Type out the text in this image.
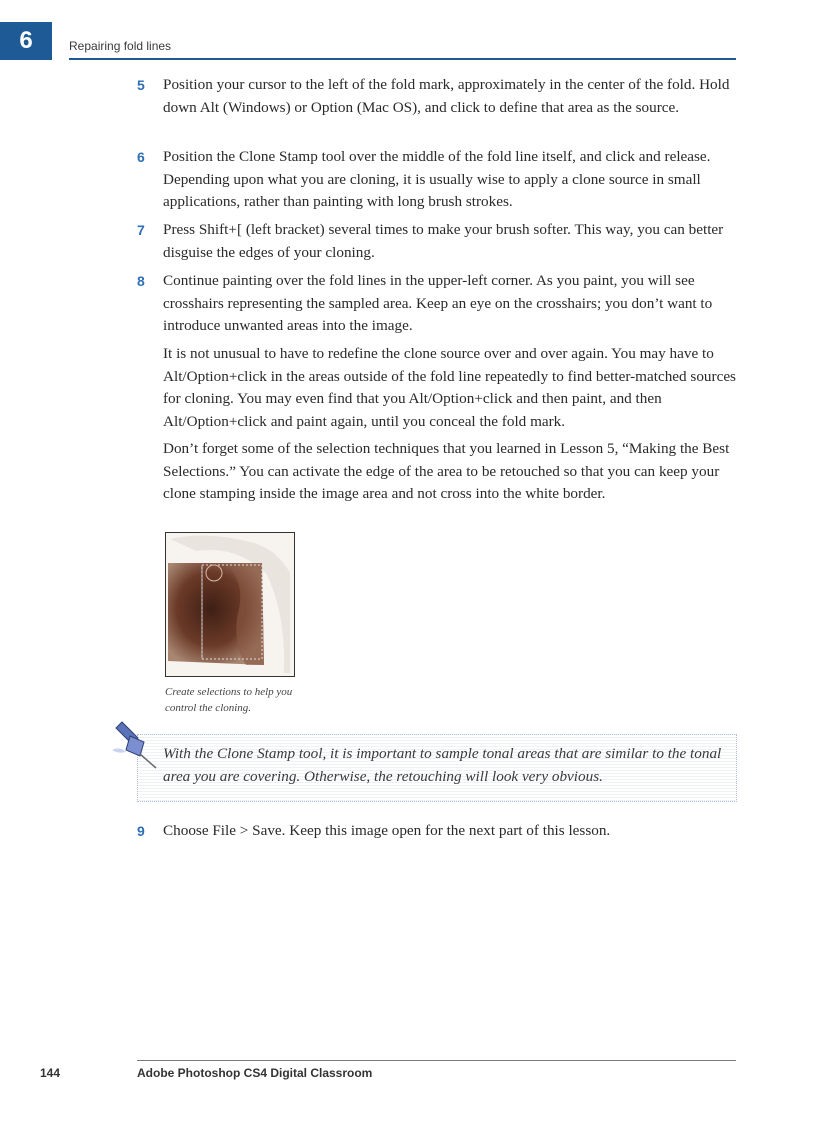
6	Repairing fold lines
5	Position your cursor to the left of the fold mark, approximately in the center of the fold. Hold down Alt (Windows) or Option (Mac OS), and click to define that area as the source.
6	Position the Clone Stamp tool over the middle of the fold line itself, and click and release. Depending upon what you are cloning, it is usually wise to apply a clone source in small applications, rather than painting with long brush strokes.
7	Press Shift+[ (left bracket) several times to make your brush softer. This way, you can better disguise the edges of your cloning.
8	Continue painting over the fold lines in the upper-left corner. As you paint, you will see crosshairs representing the sampled area. Keep an eye on the crosshairs; you don’t want to introduce unwanted areas into the image.
It is not unusual to have to redefine the clone source over and over again. You may have to Alt/Option+click in the areas outside of the fold line repeatedly to find better-matched sources for cloning. You may even find that you Alt/Option+click and then paint, and then Alt/Option+click and paint again, until you conceal the fold mark.
Don’t forget some of the selection techniques that you learned in Lesson 5, “Making the Best Selections.” You can activate the edge of the area to be retouched so that you can keep your clone stamping inside the image area and not cross into the white border.
Create selections to help you control the cloning.
With the Clone Stamp tool, it is important to sample tonal areas that are similar to the tonal area you are covering. Otherwise, the retouching will look very obvious.
9	Choose File > Save. Keep this image open for the next part of this lesson.
144	Adobe Photoshop CS4 Digital Classroom
